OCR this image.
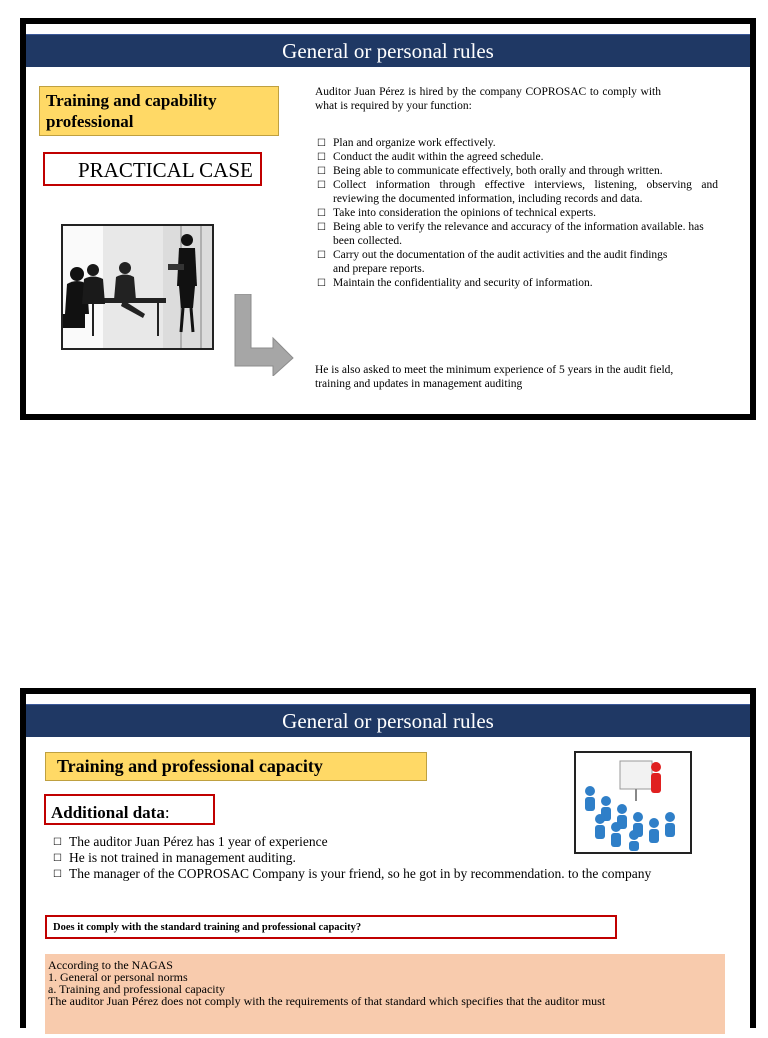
General or personal rules
Training and capability professional
PRACTICAL CASE
Auditor Juan Pérez is hired by the company COPROSAC to comply with what is required by your function:
☐ Plan and organize work effectively.
☐ Conduct the audit within the agreed schedule.
☐ Being able to communicate effectively, both orally and through written.
☐ Collect information through effective interviews, listening, observing and reviewing the documented information, including records and data.
☐ Take into consideration the opinions of technical experts.
☐ Being able to verify the relevance and accuracy of the information available. has been collected.
☐ Carry out the documentation of the audit activities and the audit findings and prepare reports.
☐ Maintain the confidentiality and security of information.
He is also asked to meet the minimum experience of 5 years in the audit field, training and updates in management auditing
General or personal rules
Training and professional capacity
Additional data:
☐ The auditor Juan Pérez has 1 year of experience
☐ He is not trained in management auditing.
☐ The manager of the COPROSAC Company is your friend, so he got in by recommendation. to the company
Does it comply with the standard training and professional capacity?
According to the NAGAS
1. General or personal norms
a. Training and professional capacity
The auditor Juan Pérez does not comply with the requirements of that standard which specifies that the auditor must
